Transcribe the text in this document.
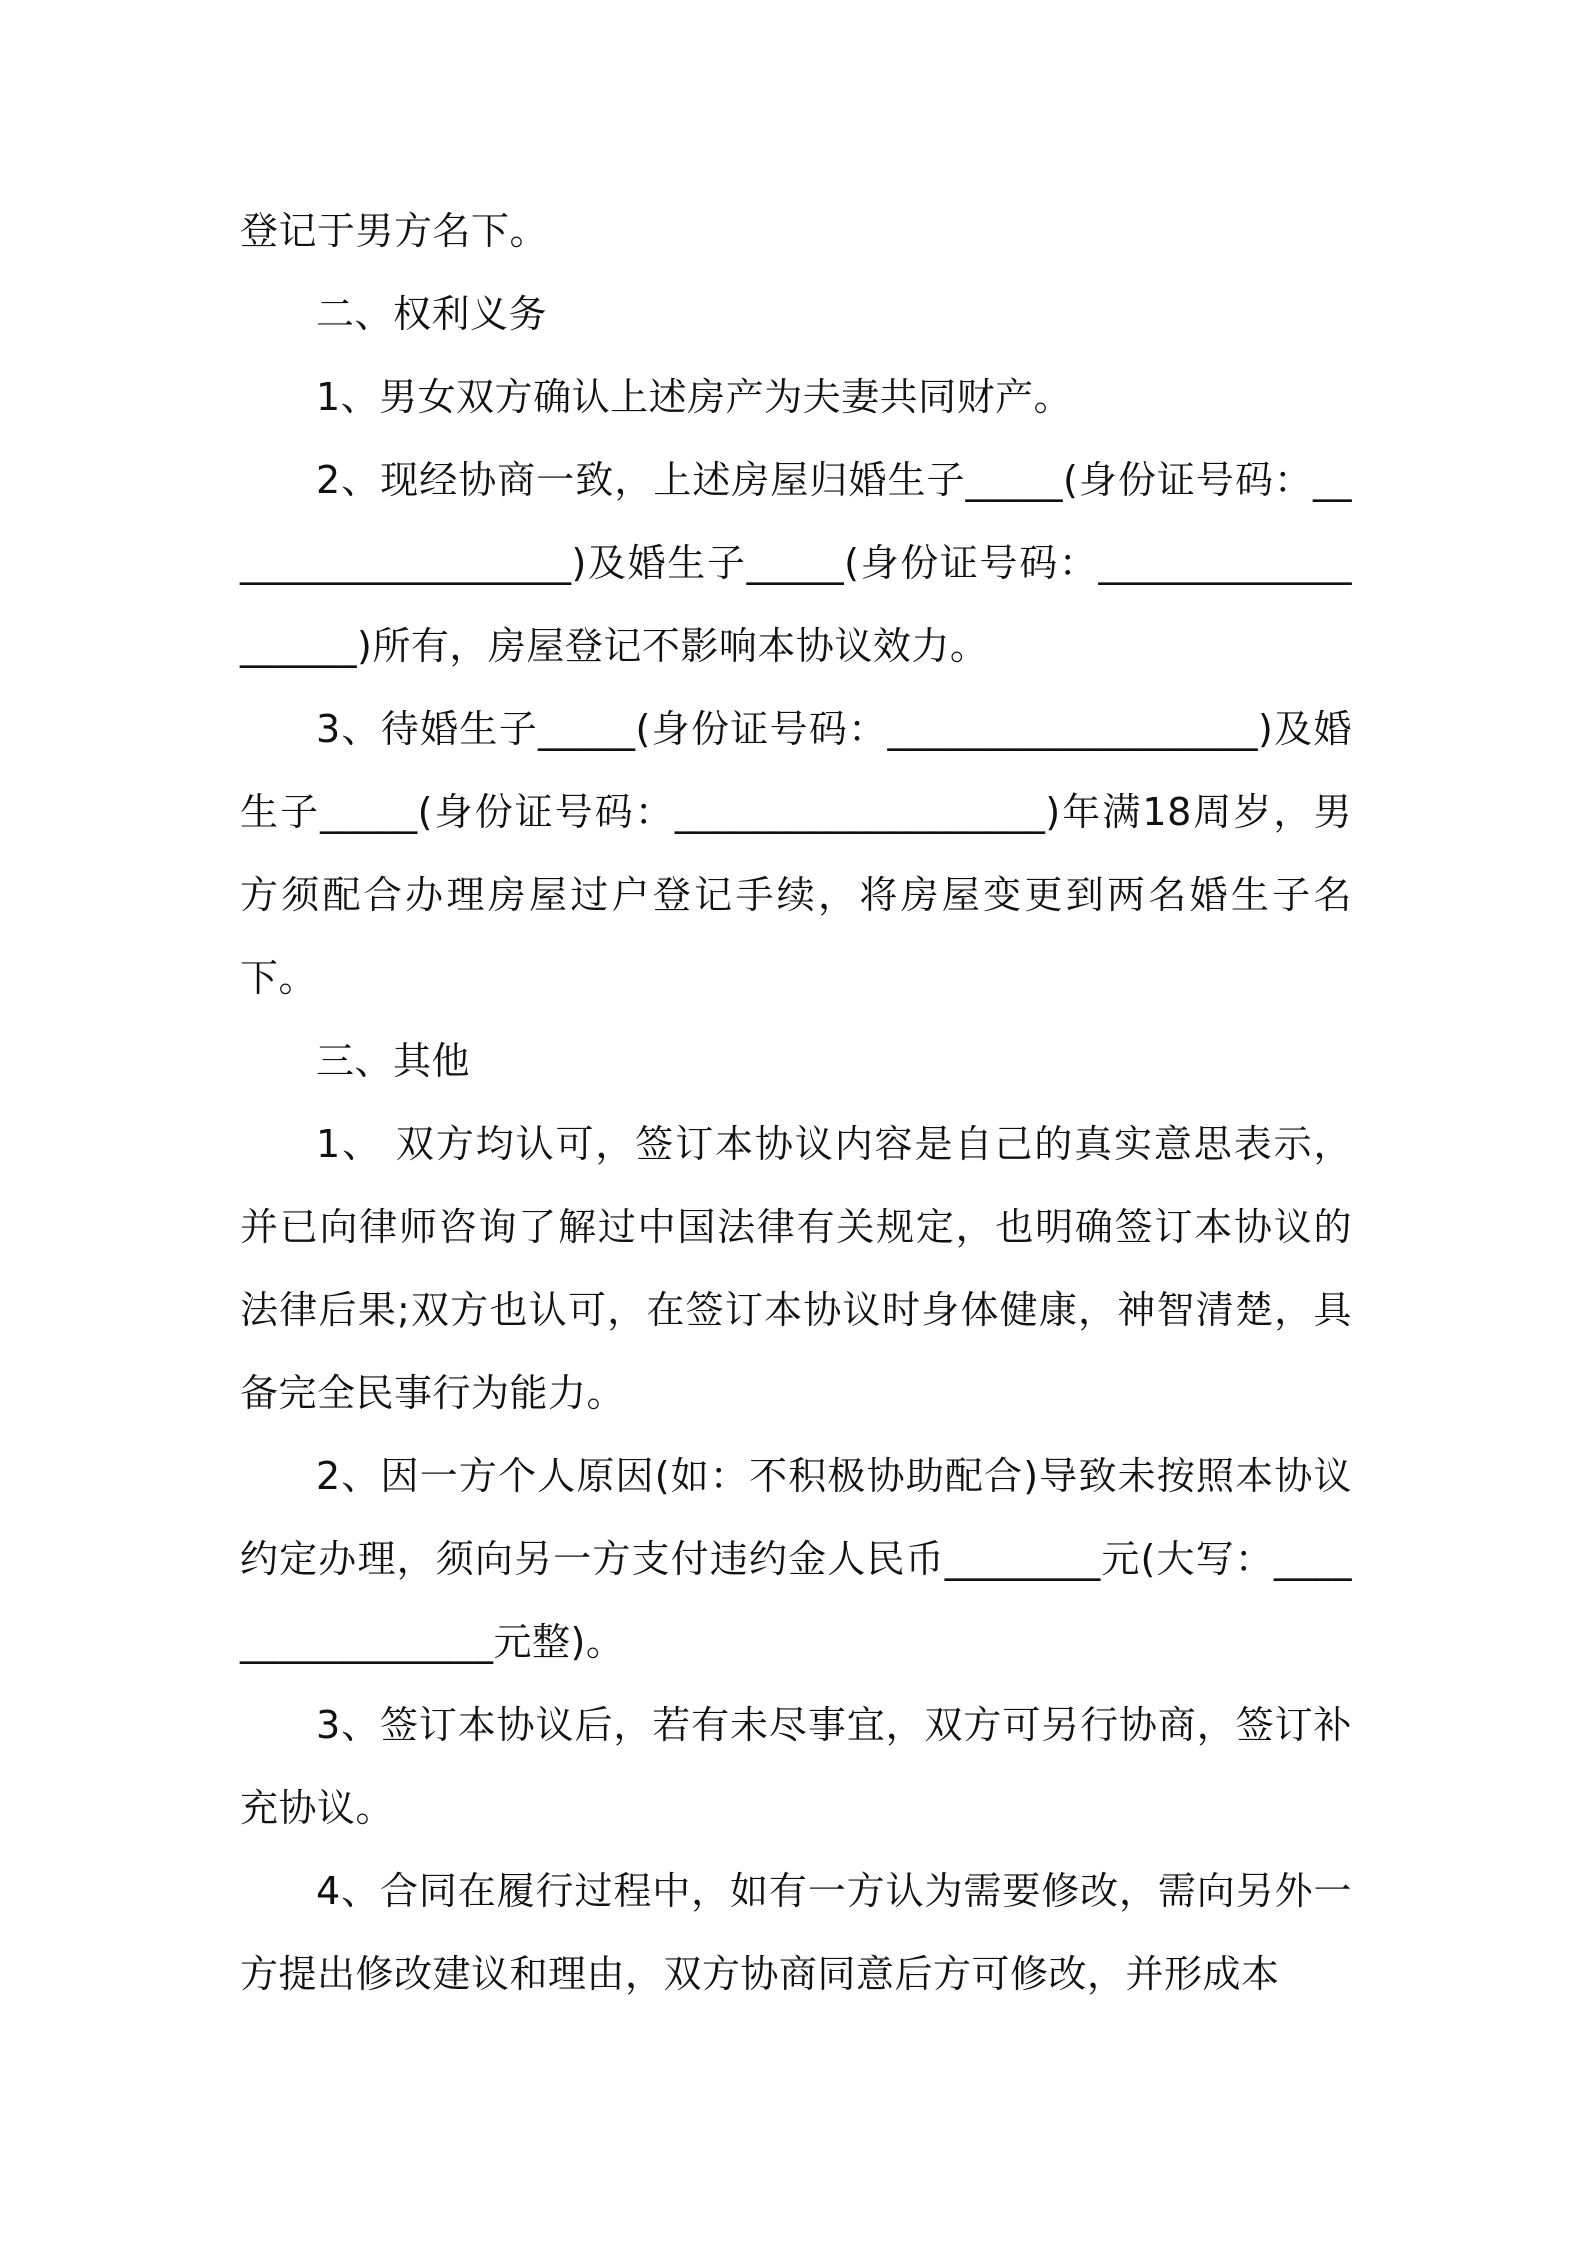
登记于男方名下。

二、权利义务

1、男女双方确认上述房产为夫妻共同财产。

2、现经协商一致，上述房屋归婚生子_____(身份证号码：___________________)及婚生子_____(身份证号码：___________________)所有，房屋登记不影响本协议效力。

3、待婚生子_____(身份证号码：___________________)及婚生子_____(身份证号码：___________________)年满18周岁，男方须配合办理房屋过户登记手续，将房屋变更到两名婚生子名下。

三、其他

1、 双方均认可，签订本协议内容是自己的真实意思表示，并已向律师咨询了解过中国法律有关规定，也明确签订本协议的法律后果;双方也认可，在签订本协议时身体健康，神智清楚，具备完全民事行为能力。

2、因一方个人原因(如：不积极协助配合)导致未按照本协议约定办理，须向另一方支付违约金人民币________元(大写：_________________元整)。

3、签订本协议后，若有未尽事宜，双方可另行协商，签订补充协议。

4、合同在履行过程中，如有一方认为需要修改，需向另外一方提出修改建议和理由，双方协商同意后方可修改，并形成本
